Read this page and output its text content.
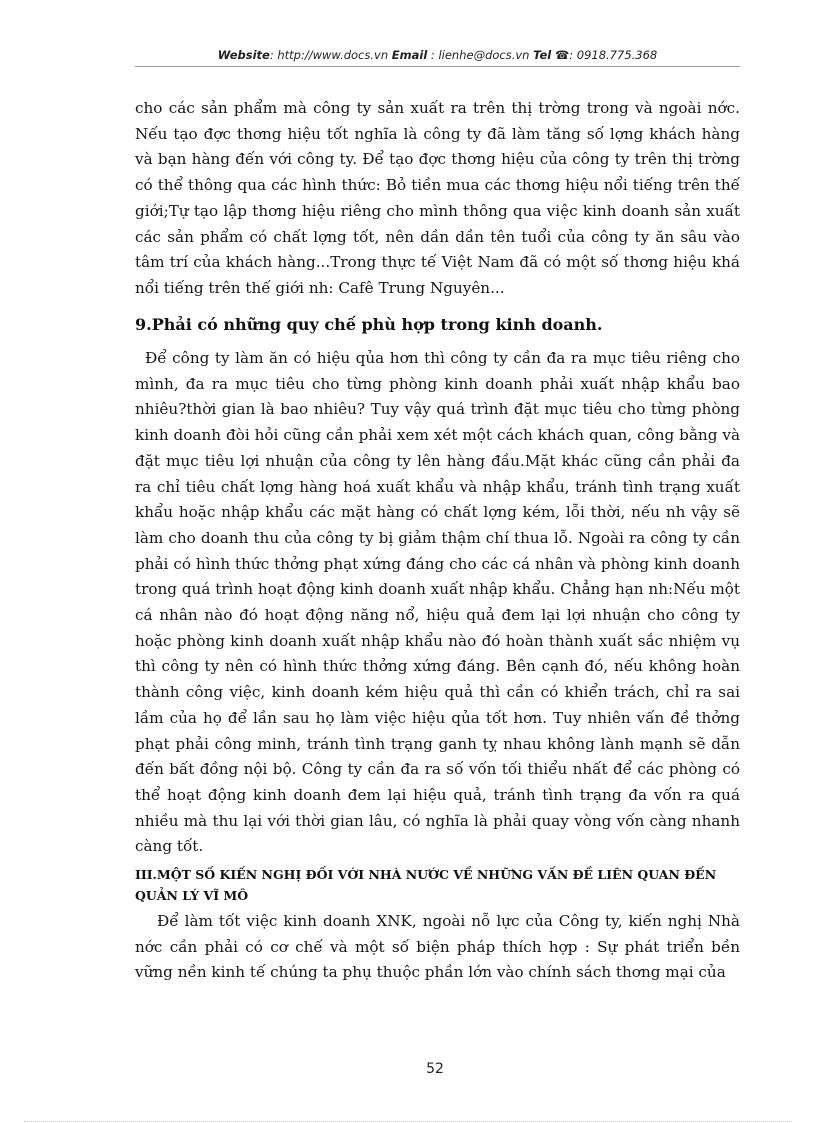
Website: http://www.docs.vn Email : lienhe@docs.vn Tel ☎: 0918.775.368
cho các sản phẩm mà công ty sản xuất ra trên thị trờng trong và ngoài nớc. Nếu tạo đợc thơng hiệu tốt nghĩa là công ty đã làm tăng số lợng khách hàng và bạn hàng đến với công ty. Để tạo đợc thơng hiệu của công ty trên thị trờng có thể thông qua các hình thức: Bỏ tiền mua các thơng hiệu nổi tiếng trên thế giới;Tự tạo lập thơng hiệu riêng cho mình thông qua việc kinh doanh sản xuất các sản phẩm có chất lợng tốt, nên dần dần tên tuổi của công ty ăn sâu vào tâm trí của khách hàng...Trong thực tế Việt Nam đã có một số thơng hiệu khá nổi tiếng trên thế giới nh: Cafê Trung Nguyên...
9.Phải có những quy chế phù hợp trong kinh doanh.
Để công ty làm ăn có hiệu qủa hơn thì công ty cần đa ra mục tiêu riêng cho mình, đa ra mục tiêu cho từng phòng kinh doanh phải xuất nhập khẩu bao nhiêu?thời gian là bao nhiêu? Tuy vậy quá trình đặt mục tiêu cho từng phòng kinh doanh đòi hỏi cũng cần phải xem xét một cách khách quan, công bằng và đặt mục tiêu lợi nhuận của công ty lên hàng đầu.Mặt khác cũng cần phải đa ra chỉ tiêu chất lợng hàng hoá xuất khẩu và nhập khẩu, tránh tình trạng xuất khẩu hoặc nhập khẩu các mặt hàng có chất lợng kém, lỗi thời, nếu nh vậy sẽ làm cho doanh thu của công ty bị giảm thậm chí thua lỗ. Ngoài ra công ty cần phải có hình thức thởng phạt xứng đáng cho các cá nhân và phòng kinh doanh trong quá trình hoạt động kinh doanh xuất nhập khẩu. Chẳng hạn nh:Nếu một cá nhân nào đó hoạt động năng nổ, hiệu quả đem lại lợi nhuận cho công ty hoặc phòng kinh doanh xuất nhập khẩu nào đó hoàn thành xuất sắc nhiệm vụ thì công ty nên có hình thức thởng xứng đáng. Bên cạnh đó, nếu không hoàn thành công việc, kinh doanh kém hiệu quả thì cần có khiển trách, chỉ ra sai lầm của họ để lần sau họ làm việc hiệu qủa tốt hơn. Tuy nhiên vấn đề thởng phạt phải công minh, tránh tình trạng ganh tỵ nhau không lành mạnh sẽ dẫn đến bất đồng nội bộ. Công ty cần đa ra số vốn tối thiểu nhất để các phòng có thể hoạt động kinh doanh đem lại hiệu quả, tránh tình trạng đa vốn ra quá nhiều mà thu lại với thời gian lâu, có nghĩa là phải quay vòng vốn càng nhanh càng tốt.
III.MỘT SỐ KIẾN NGHỊ ĐỐI VỚI NHÀ NƯỚC VỀ NHỮNG VẤN ĐỀ LIÊN QUAN ĐẾN QUẢN LÝ VĨ MÔ
Để làm tốt việc kinh doanh XNK, ngoài nỗ lực của Công ty, kiến nghị Nhà nớc cần phải có cơ chế và một số biện pháp thích hợp : Sự phát triển bền vững nền kinh tế chúng ta phụ thuộc phần lớn vào chính sách thơng mại của
52
